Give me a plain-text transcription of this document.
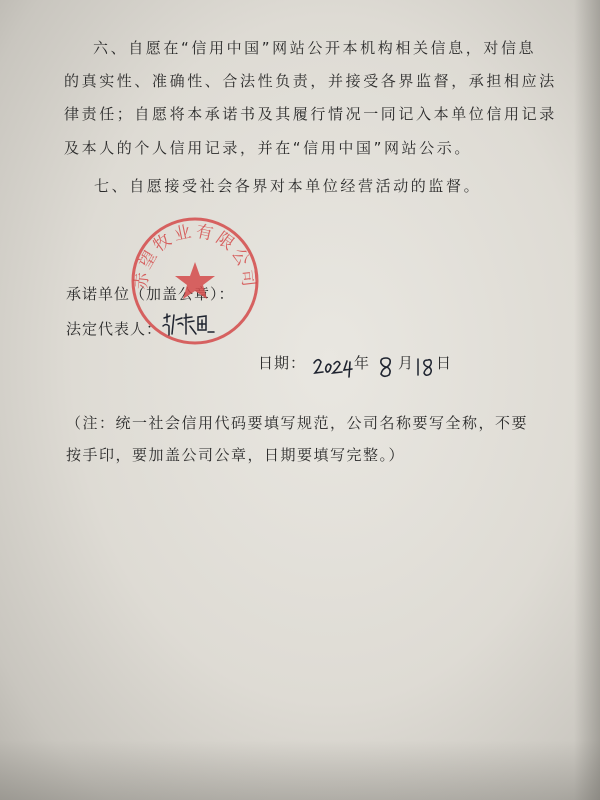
六、自愿在“信用中国”网站公开本机构相关信息，对信息
的真实性、准确性、合法性负责，并接受各界监督，承担相应法
律责任；自愿将本承诺书及其履行情况一同记入本单位信用记录
及本人的个人信用记录，并在“信用中国”网站公示。
七、自愿接受社会各界对本单位经营活动的监督。
承诺单位（加盖公章）：
法定代表人：
日期：	年 月 日
（注：统一社会信用代码要填写规范，公司名称要写全称，不要
按手印，要加盖公司公章，日期要填写完整。）
赤望牧业有限公司
